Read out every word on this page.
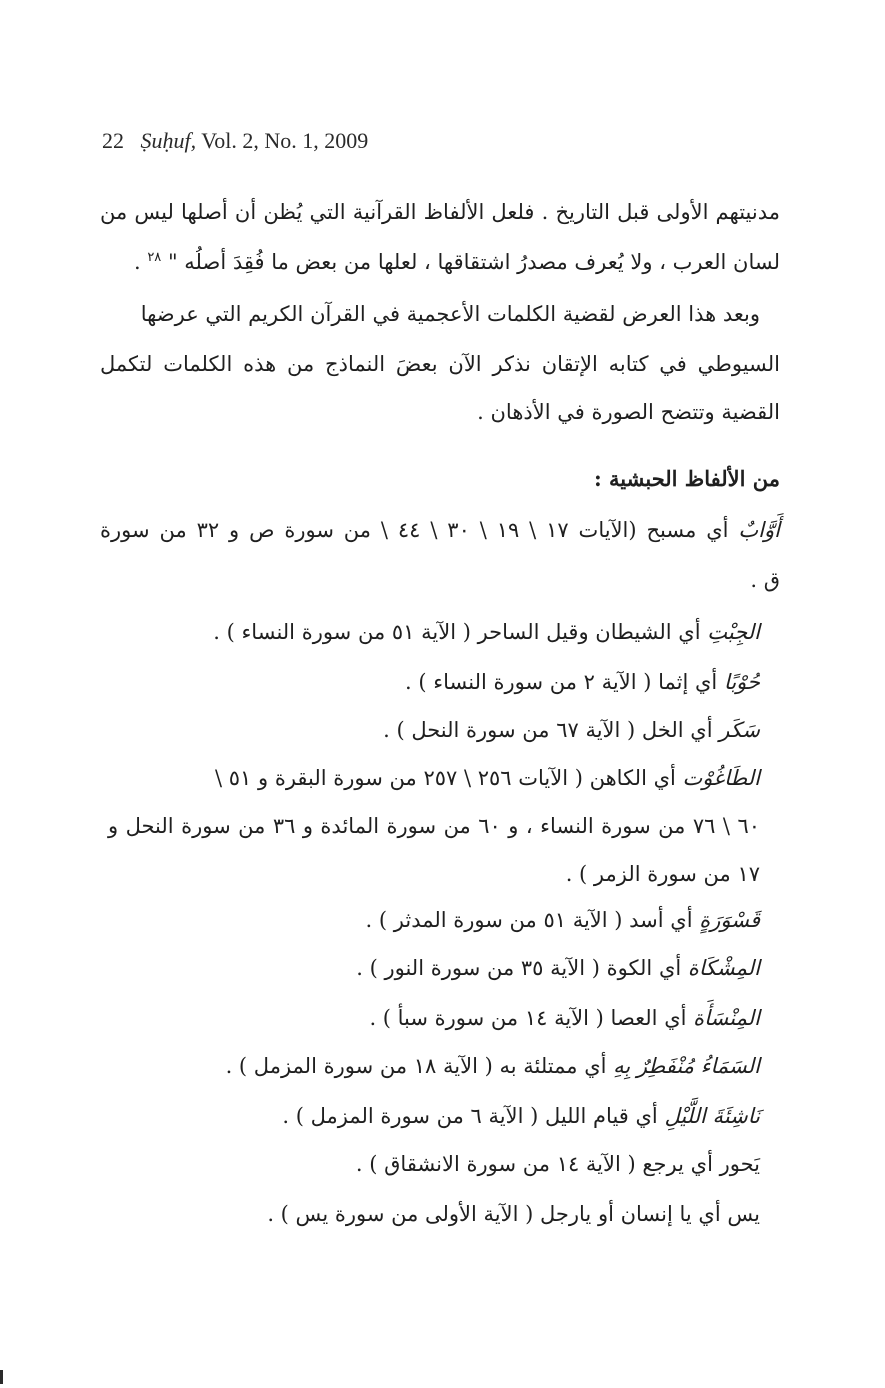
22 Ṣuḥuf, Vol. 2, No. 1, 2009
مدنيتهم الأولى قبل التاريخ . فلعل الألفاظ القرآنية التي يُظن أن أصلها ليس من
لسان العرب ، ولا يُعرف مصدرُ اشتقاقها ، لعلها من بعض ما فُقِدَ أصلُه " $^{٢٨}$ .
وبعد هذا العرض لقضية الكلمات الأعجمية في القرآن الكريم التي عرضها
السيوطي في كتابه الإتقان نذكر الآن بعضَ النماذج من هذه الكلمات لتكمل
القضية وتتضح الصورة في الأذهان .
من الألفاظ الحبشية :
أَوَّابٌ أي مسبح (الآيات ١٧ \ ١٩ \ ٣٠ \ ٤٤ \ من سورة ص و ٣٢ من سورة
ق .
الجِبْتِ أي الشيطان وقيل الساحر ( الآية ٥١ من سورة النساء ) .
حُوْبًا أي إثما ( الآية ٢ من سورة النساء ) .
سَكَر أي الخل ( الآية ٦٧ من سورة النحل ) .
الطَاغُوْت أي الكاهن ( الآيات ٢٥٦ \ ٢٥٧ من سورة البقرة و ٥١ \
٦٠ \ ٧٦ من سورة النساء ، و ٦٠ من سورة المائدة و ٣٦ من سورة النحل و
١٧ من سورة الزمر ) .
قَسْوَرَةٍ أي أسد ( الآية ٥١ من سورة المدثر ) .
المِشْكَاة أي الكوة ( الآية ٣٥ من سورة النور ) .
المِنْسَأَة أي العصا ( الآية ١٤ من سورة سبأ ) .
السَمَاءُ مُنْفَطِرٌ بِهِ أي ممتلئة به ( الآية ١٨ من سورة المزمل ) .
نَاشِئَةَ اللَّيْلِ أي قيام الليل ( الآية ٦ من سورة المزمل ) .
يَحور أي يرجع ( الآية ١٤ من سورة الانشقاق ) .
يس أي يا إنسان أو يارجل ( الآية الأولى من سورة يس ) .
